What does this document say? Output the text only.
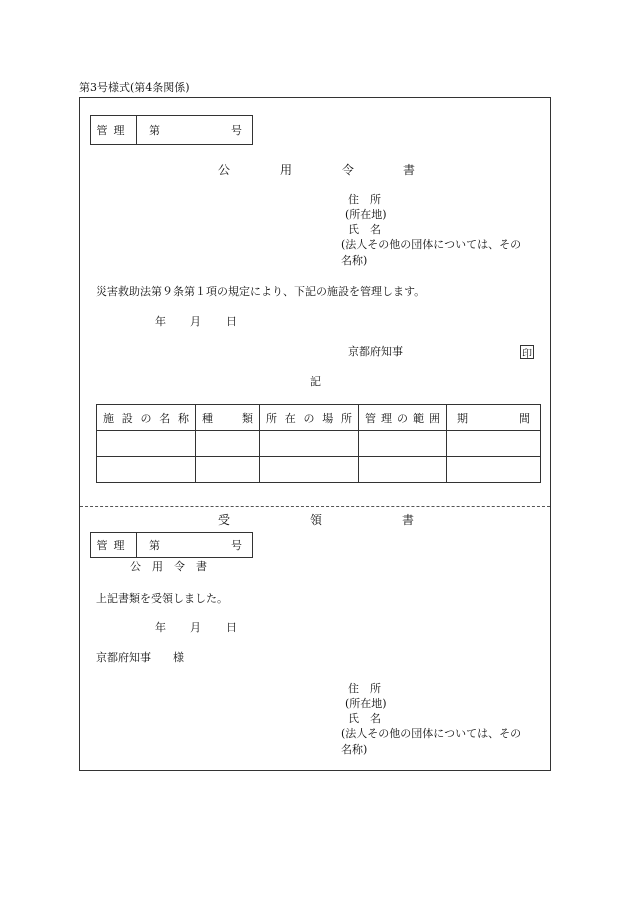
第3号様式(第4条関係)
管理	第	号
公	用	令	書
住　所
(所在地)
氏　名
(法人その他の団体については、その
名称)
災害救助法第９条第１項の規定により、下記の施設を管理します。
年 月 日
京都府知事	印
記
施 設 の 名 称	種 類	所 在 の 場 所	管 理 の 範 囲	期 間

受	領	書
管理	第	号
公　用　令　書
上記書類を受領しました。
年 月 日
京都府知事　　様
住　所
(所在地)
氏　名
(法人その他の団体については、その
名称)
